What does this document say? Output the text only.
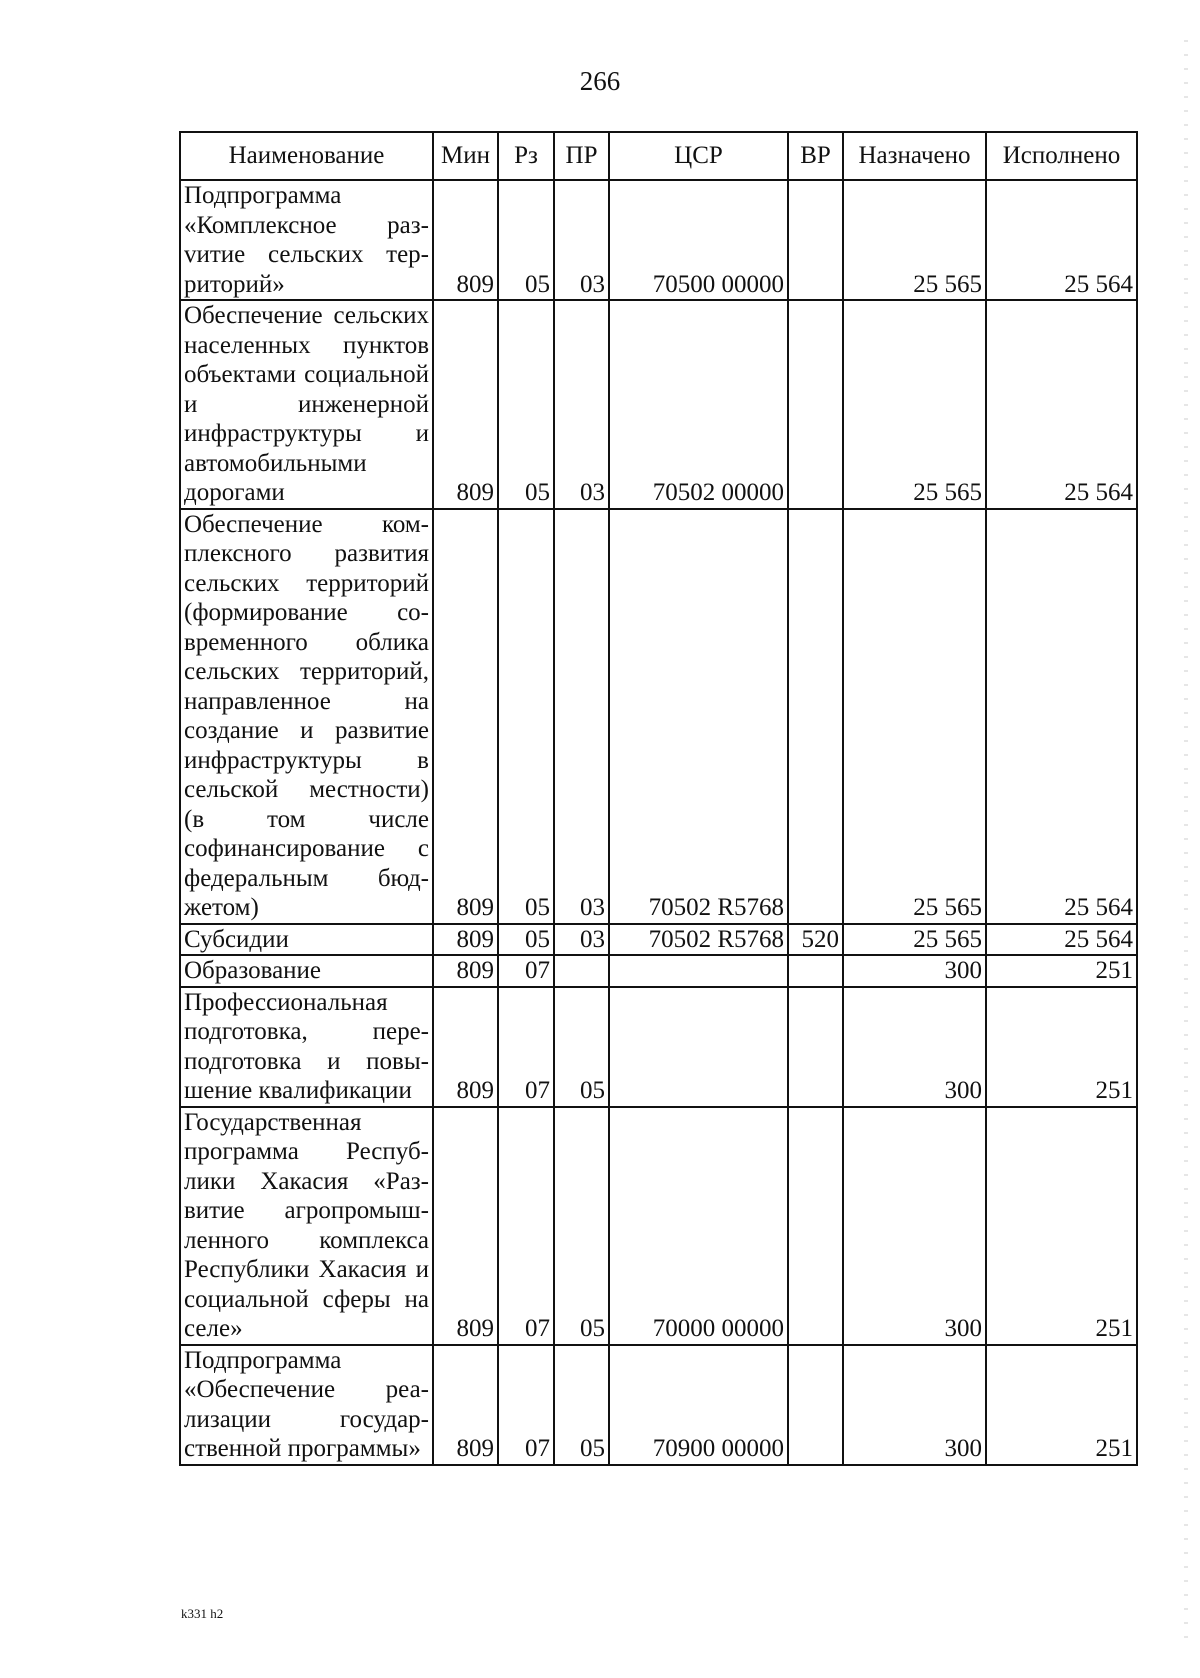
266
Наименование	Мин	Рз	ПР	ЦСР	ВР	Назначено	Исполнено
Подпрограмма «Комплексное разvитие сельских территорий»	809	05	03	70500 00000		25 565	25 564
Обеспечение сельских населенных пунктов объектами социальной и инженерной инфраструктуры и автомобильными дорогами	809	05	03	70502 00000		25 565	25 564
Обеспечение комплексного развития сельских территорий (формирование современного облика сельских территорий, направленное на создание и развитие инфраструктуры в сельской местности) (в том числе софинансирование с федеральным бюджетом)	809	05	03	70502 R5768		25 565	25 564
Субсидии	809	05	03	70502 R5768	520	25 565	25 564
Образование	809	07				300	251
Профессиональная подготовка, переподготовка и повышение квалификации	809	07	05			300	251
Государственная программа Республики Хакасия «Развитие агропромышленного комплекса Республики Хакасия и социальной сферы на селе»	809	07	05	70000 00000		300	251
Подпрограмма «Обеспечение реализации государственной программы»	809	07	05	70900 00000		300	251
k331 h2
